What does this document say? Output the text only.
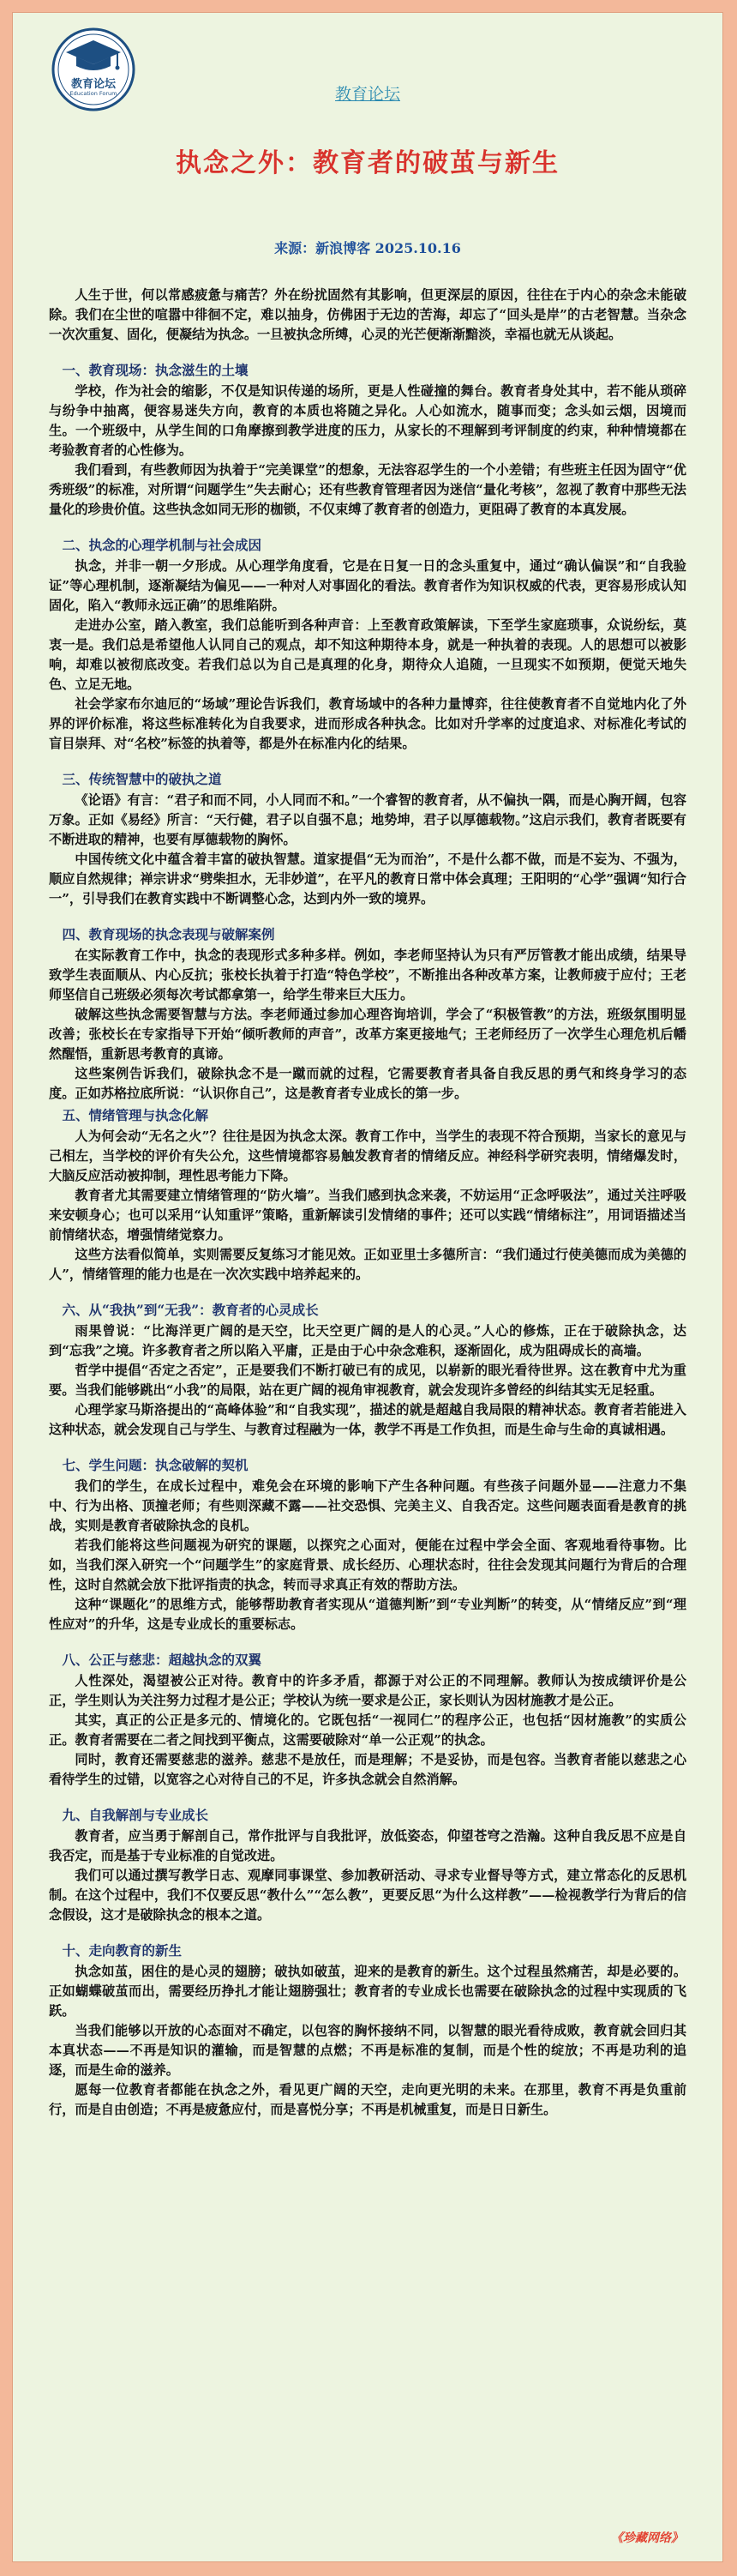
教育论坛
Education Forum	教育论坛
执念之外：教育者的破茧与新生
来源：新浪博客 2025.10.16

人生于世，何以常感疲惫与痛苦？外在纷扰固然有其影响，但更深层的原因，往往在于内心的杂念未能破除。我们在尘世的喧嚣中徘徊不定，难以抽身，仿佛困于无边的苦海，却忘了“回头是岸”的古老智慧。当杂念一次次重复、固化，便凝结为执念。一旦被执念所缚，心灵的光芒便渐渐黯淡，幸福也就无从谈起。

一、教育现场：执念滋生的土壤

学校，作为社会的缩影，不仅是知识传递的场所，更是人性碰撞的舞台。教育者身处其中，若不能从琐碎与纷争中抽离，便容易迷失方向，教育的本质也将随之异化。人心如流水，随事而变；念头如云烟，因境而生。一个班级中，从学生间的口角摩擦到教学进度的压力，从家长的不理解到考评制度的约束，种种情境都在考验教育者的心性修为。

我们看到，有些教师因为执着于“完美课堂”的想象，无法容忍学生的一个小差错；有些班主任因为固守“优秀班级”的标准，对所谓“问题学生”失去耐心；还有些教育管理者因为迷信“量化考核”，忽视了教育中那些无法量化的珍贵价值。这些执念如同无形的枷锁，不仅束缚了教育者的创造力，更阻碍了教育的本真发展。

二、执念的心理学机制与社会成因

执念，并非一朝一夕形成。从心理学角度看，它是在日复一日的念头重复中，通过“确认偏误”和“自我验证”等心理机制，逐渐凝结为偏见——一种对人对事固化的看法。教育者作为知识权威的代表，更容易形成认知固化，陷入“教师永远正确”的思维陷阱。

走进办公室，踏入教室，我们总能听到各种声音：上至教育政策解读，下至学生家庭琐事，众说纷纭，莫衷一是。我们总是希望他人认同自己的观点，却不知这种期待本身，就是一种执着的表现。人的思想可以被影响，却难以被彻底改变。若我们总以为自己是真理的化身，期待众人追随，一旦现实不如预期，便觉天地失色、立足无地。

社会学家布尔迪厄的“场域”理论告诉我们，教育场域中的各种力量博弈，往往使教育者不自觉地内化了外界的评价标准，将这些标准转化为自我要求，进而形成各种执念。比如对升学率的过度追求、对标准化考试的盲目崇拜、对“名校”标签的执着等，都是外在标准内化的结果。

三、传统智慧中的破执之道

《论语》有言：“君子和而不同，小人同而不和。”一个睿智的教育者，从不偏执一隅，而是心胸开阔，包容万象。正如《易经》所言：“天行健，君子以自强不息；地势坤，君子以厚德载物。”这启示我们，教育者既要有不断进取的精神，也要有厚德载物的胸怀。

中国传统文化中蕴含着丰富的破执智慧。道家提倡“无为而治”，不是什么都不做，而是不妄为、不强为，顺应自然规律；禅宗讲求“劈柴担水，无非妙道”，在平凡的教育日常中体会真理；王阳明的“心学”强调“知行合一”，引导我们在教育实践中不断调整心念，达到内外一致的境界。

四、教育现场的执念表现与破解案例

在实际教育工作中，执念的表现形式多种多样。例如，李老师坚持认为只有严厉管教才能出成绩，结果导致学生表面顺从、内心反抗；张校长执着于打造“特色学校”，不断推出各种改革方案，让教师疲于应付；王老师坚信自己班级必须每次考试都拿第一，给学生带来巨大压力。

破解这些执念需要智慧与方法。李老师通过参加心理咨询培训，学会了“积极管教”的方法，班级氛围明显改善；张校长在专家指导下开始“倾听教师的声音”，改革方案更接地气；王老师经历了一次学生心理危机后幡然醒悟，重新思考教育的真谛。

这些案例告诉我们，破除执念不是一蹴而就的过程，它需要教育者具备自我反思的勇气和终身学习的态度。正如苏格拉底所说：“认识你自己”，这是教育者专业成长的第一步。

五、情绪管理与执念化解

人为何会动“无名之火”？往往是因为执念太深。教育工作中，当学生的表现不符合预期，当家长的意见与己相左，当学校的评价有失公允，这些情境都容易触发教育者的情绪反应。神经科学研究表明，情绪爆发时，大脑反应活动被抑制，理性思考能力下降。

教育者尤其需要建立情绪管理的“防火墙”。当我们感到执念来袭，不妨运用“正念呼吸法”，通过关注呼吸来安顿身心；也可以采用“认知重评”策略，重新解读引发情绪的事件；还可以实践“情绪标注”，用词语描述当前情绪状态，增强情绪觉察力。

这些方法看似简单，实则需要反复练习才能见效。正如亚里士多德所言：“我们通过行使美德而成为美德的人”，情绪管理的能力也是在一次次实践中培养起来的。

六、从“我执”到“无我”：教育者的心灵成长

雨果曾说：“比海洋更广阔的是天空，比天空更广阔的是人的心灵。”人心的修炼，正在于破除执念，达到“忘我”之境。许多教育者之所以陷入平庸，正是由于心中杂念难积，逐渐固化，成为阻碍成长的高墙。

哲学中提倡“否定之否定”，正是要我们不断打破已有的成见，以崭新的眼光看待世界。这在教育中尤为重要。当我们能够跳出“小我”的局限，站在更广阔的视角审视教育，就会发现许多曾经的纠结其实无足轻重。

心理学家马斯洛提出的“高峰体验”和“自我实现”，描述的就是超越自我局限的精神状态。教育者若能进入这种状态，就会发现自己与学生、与教育过程融为一体，教学不再是工作负担，而是生命与生命的真诚相遇。

七、学生问题：执念破解的契机

我们的学生，在成长过程中，难免会在环境的影响下产生各种问题。有些孩子问题外显——注意力不集中、行为出格、顶撞老师；有些则深藏不露——社交恐惧、完美主义、自我否定。这些问题表面看是教育的挑战，实则是教育者破除执念的良机。

若我们能将这些问题视为研究的课题，以探究之心面对，便能在过程中学会全面、客观地看待事物。比如，当我们深入研究一个“问题学生”的家庭背景、成长经历、心理状态时，往往会发现其问题行为背后的合理性，这时自然就会放下批评指责的执念，转而寻求真正有效的帮助方法。

这种“课题化”的思维方式，能够帮助教育者实现从“道德判断”到“专业判断”的转变，从“情绪反应”到“理性应对”的升华，这是专业成长的重要标志。

八、公正与慈悲：超越执念的双翼

人性深处，渴望被公正对待。教育中的许多矛盾，都源于对公正的不同理解。教师认为按成绩评价是公正，学生则认为关注努力过程才是公正；学校认为统一要求是公正，家长则认为因材施教才是公正。

其实，真正的公正是多元的、情境化的。它既包括“一视同仁”的程序公正，也包括“因材施教”的实质公正。教育者需要在二者之间找到平衡点，这需要破除对“单一公正观”的执念。

同时，教育还需要慈悲的滋养。慈悲不是放任，而是理解；不是妥协，而是包容。当教育者能以慈悲之心看待学生的过错，以宽容之心对待自己的不足，许多执念就会自然消解。

九、自我解剖与专业成长

教育者，应当勇于解剖自己，常作批评与自我批评，放低姿态，仰望苍穹之浩瀚。这种自我反思不应是自我否定，而是基于专业标准的自觉改进。

我们可以通过撰写教学日志、观摩同事课堂、参加教研活动、寻求专业督导等方式，建立常态化的反思机制。在这个过程中，我们不仅要反思“教什么”“怎么教”，更要反思“为什么这样教”——检视教学行为背后的信念假设，这才是破除执念的根本之道。

十、走向教育的新生

执念如茧，困住的是心灵的翅膀；破执如破茧，迎来的是教育的新生。这个过程虽然痛苦，却是必要的。正如蝴蝶破茧而出，需要经历挣扎才能让翅膀强壮；教育者的专业成长也需要在破除执念的过程中实现质的飞跃。

当我们能够以开放的心态面对不确定，以包容的胸怀接纳不同，以智慧的眼光看待成败，教育就会回归其本真状态——不再是知识的灌输，而是智慧的点燃；不再是标准的复制，而是个性的绽放；不再是功利的追逐，而是生命的滋养。

愿每一位教育者都能在执念之外，看见更广阔的天空，走向更光明的未来。在那里，教育不再是负重前行，而是自由创造；不再是疲惫应付，而是喜悦分享；不再是机械重复，而是日日新生。

《珍藏网络》
